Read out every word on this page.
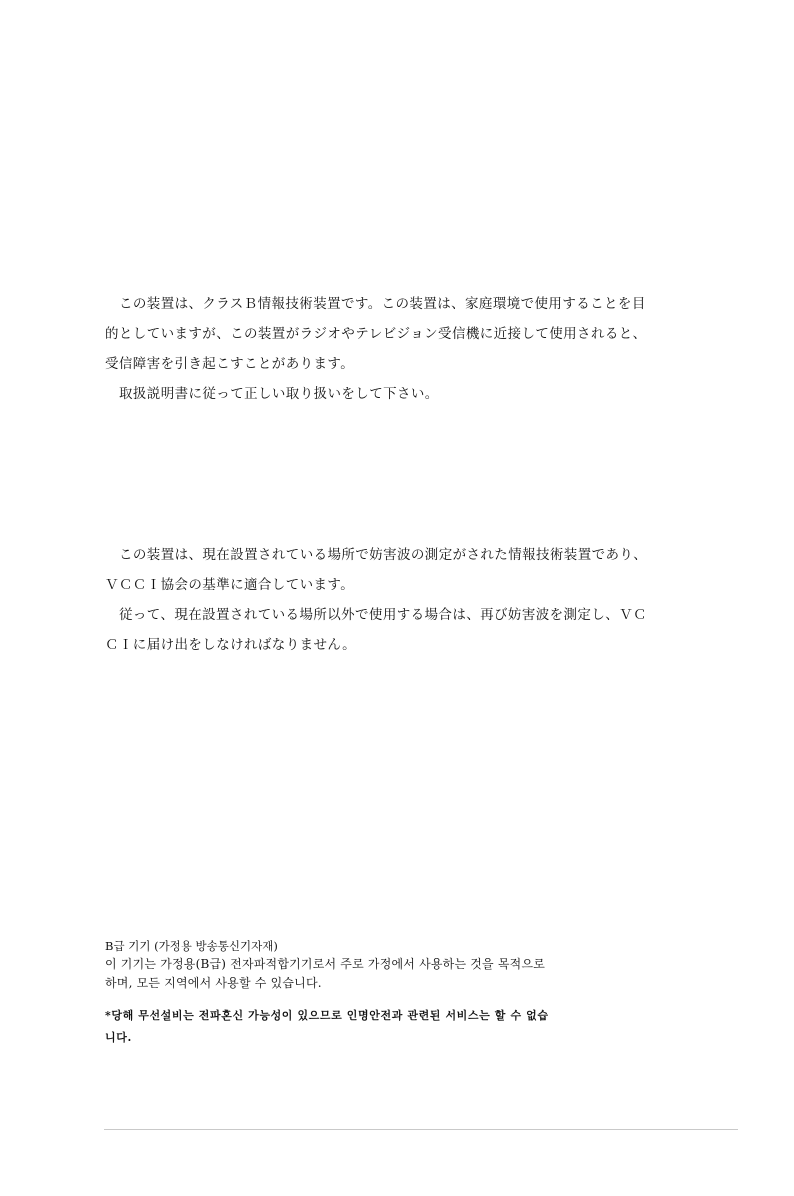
この装置は、クラスＢ情報技術装置です。この装置は、家庭環境で使用することを目
的としていますが、この装置がラジオやテレビジョン受信機に近接して使用されると、
受信障害を引き起こすことがあります。

取扱説明書に従って正しい取り扱いをして下さい。

この装置は、現在設置されている場所で妨害波の測定がされた情報技術装置であり、
ＶＣＣＩ協会の基準に適合しています。

従って、現在設置されている場所以外で使用する場合は、再び妨害波を測定し、ＶＣ
ＣＩに届け出をしなければなりません。

B급 기기 (가정용 방송통신기자재)

이 기기는 가정용(B급) 전자파적합기기로서 주로 가정에서 사용하는 것을 목적으로
하며, 모든 지역에서 사용할 수 있습니다.

*당해 무선설비는 전파혼신 가능성이 있으므로 인명안전과 관련된 서비스는 할 수 없습
니다.
